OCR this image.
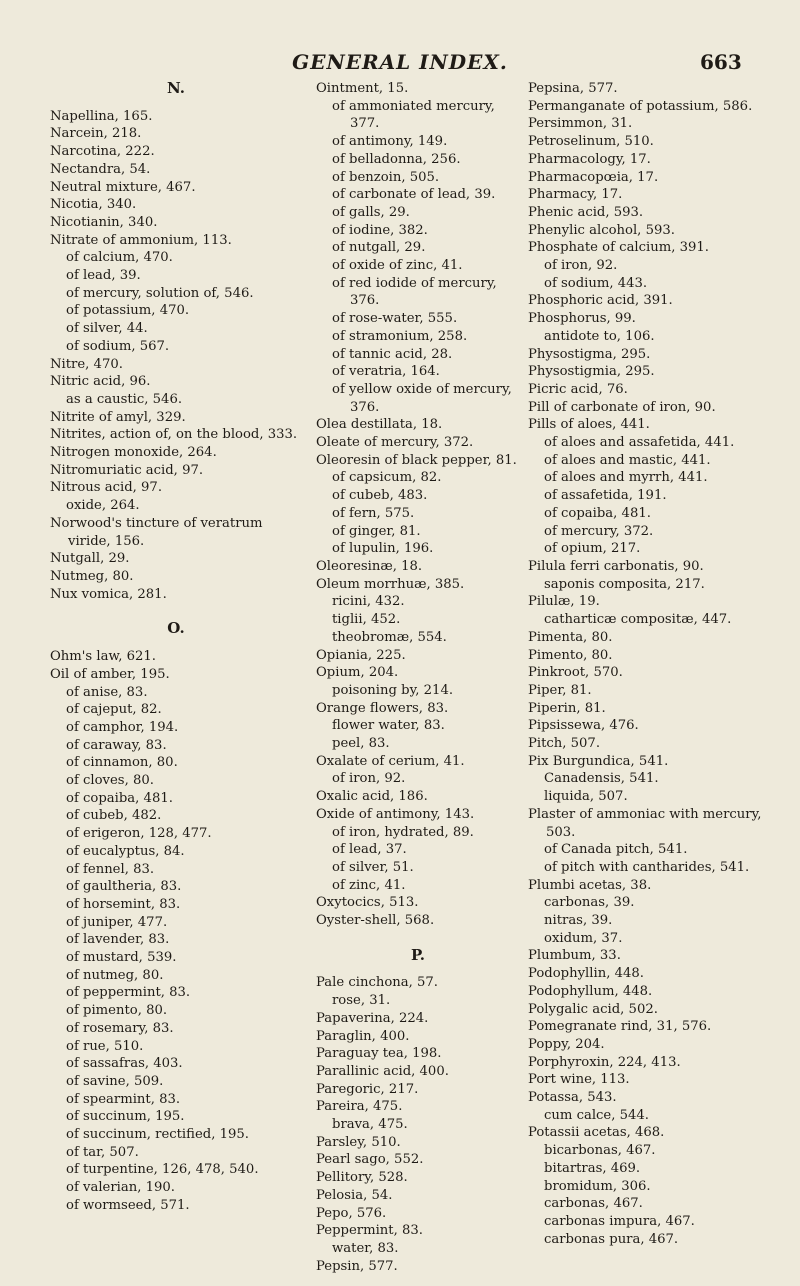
GENERAL INDEX.	663
N.
Napellina, 165.
Narcein, 218.
Narcotina, 222.
Nectandra, 54.
Neutral mixture, 467.
Nicotia, 340.
Nicotianin, 340.
Nitrate of ammonium, 113.
of calcium, 470.
of lead, 39.
of mercury, solution of, 546.
of potassium, 470.
of silver, 44.
of sodium, 567.
Nitre, 470.
Nitric acid, 96.
as a caustic, 546.
Nitrite of amyl, 329.
Nitrites, action of, on the blood, 333.
Nitrogen monoxide, 264.
Nitromuriatic acid, 97.
Nitrous acid, 97.
oxide, 264.
Norwood's tincture of veratrum viride, 156.
Nutgall, 29.
Nutmeg, 80.
Nux vomica, 281.
O.
Ohm's law, 621.
Oil of amber, 195.
of anise, 83.
of cajeput, 82.
of camphor, 194.
of caraway, 83.
of cinnamon, 80.
of cloves, 80.
of copaiba, 481.
of cubeb, 482.
of erigeron, 128, 477.
of eucalyptus, 84.
of fennel, 83.
of gaultheria, 83.
of horsemint, 83.
of juniper, 477.
of lavender, 83.
of mustard, 539.
of nutmeg, 80.
of peppermint, 83.
of pimento, 80.
of rosemary, 83.
of rue, 510.
of sassafras, 403.
of savine, 509.
of spearmint, 83.
of succinum, 195.
of succinum, rectified, 195.
of tar, 507.
of turpentine, 126, 478, 540.
of valerian, 190.
of wormseed, 571.
Ointment, 15.
of ammoniated mercury, 377.
of antimony, 149.
of belladonna, 256.
of benzoin, 505.
of carbonate of lead, 39.
of galls, 29.
of iodine, 382.
of nutgall, 29.
of oxide of zinc, 41.
of red iodide of mercury, 376.
of rose-water, 555.
of stramonium, 258.
of tannic acid, 28.
of veratria, 164.
of yellow oxide of mercury, 376.
Olea destillata, 18.
Oleate of mercury, 372.
Oleoresin of black pepper, 81.
of capsicum, 82.
of cubeb, 483.
of fern, 575.
of ginger, 81.
of lupulin, 196.
Oleoresinæ, 18.
Oleum morrhuæ, 385.
ricini, 432.
tiglii, 452.
theobromæ, 554.
Opiania, 225.
Opium, 204.
poisoning by, 214.
Orange flowers, 83.
flower water, 83.
peel, 83.
Oxalate of cerium, 41.
of iron, 92.
Oxalic acid, 186.
Oxide of antimony, 143.
of iron, hydrated, 89.
of lead, 37.
of silver, 51.
of zinc, 41.
Oxytocics, 513.
Oyster-shell, 568.
P.
Pale cinchona, 57.
rose, 31.
Papaverina, 224.
Paraglin, 400.
Paraguay tea, 198.
Parallinic acid, 400.
Paregoric, 217.
Pareira, 475.
brava, 475.
Parsley, 510.
Pearl sago, 552.
Pellitory, 528.
Pelosia, 54.
Pepo, 576.
Peppermint, 83.
water, 83.
Pepsin, 577.
Pepsina, 577.
Permanganate of potassium, 586.
Persimmon, 31.
Petroselinum, 510.
Pharmacology, 17.
Pharmacopœia, 17.
Pharmacy, 17.
Phenic acid, 593.
Phenylic alcohol, 593.
Phosphate of calcium, 391.
of iron, 92.
of sodium, 443.
Phosphoric acid, 391.
Phosphorus, 99.
antidote to, 106.
Physostigma, 295.
Physostigmia, 295.
Picric acid, 76.
Pill of carbonate of iron, 90.
Pills of aloes, 441.
of aloes and assafetida, 441.
of aloes and mastic, 441.
of aloes and myrrh, 441.
of assafetida, 191.
of copaiba, 481.
of mercury, 372.
of opium, 217.
Pilula ferri carbonatis, 90.
saponis composita, 217.
Pilulæ, 19.
catharticæ compositæ, 447.
Pimenta, 80.
Pimento, 80.
Pinkroot, 570.
Piper, 81.
Piperin, 81.
Pipsissewa, 476.
Pitch, 507.
Pix Burgundica, 541.
Canadensis, 541.
liquida, 507.
Plaster of ammoniac with mercury, 503.
of Canada pitch, 541.
of pitch with cantharides, 541.
Plumbi acetas, 38.
carbonas, 39.
nitras, 39.
oxidum, 37.
Plumbum, 33.
Podophyllin, 448.
Podophyllum, 448.
Polygalic acid, 502.
Pomegranate rind, 31, 576.
Poppy, 204.
Porphyroxin, 224, 413.
Port wine, 113.
Potassa, 543.
cum calce, 544.
Potassii acetas, 468.
bicarbonas, 467.
bitartras, 469.
bromidum, 306.
carbonas, 467.
carbonas impura, 467.
carbonas pura, 467.
